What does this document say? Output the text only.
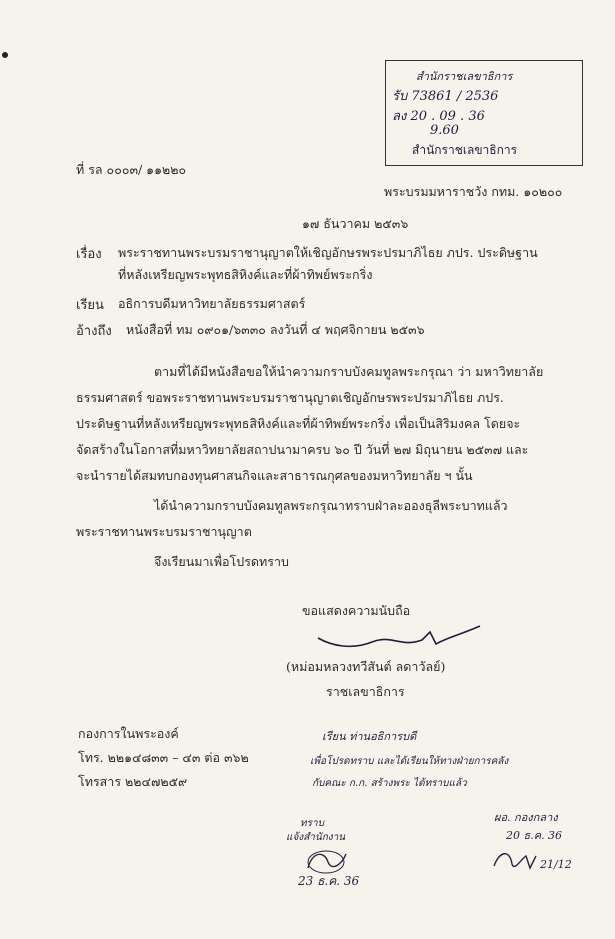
สำนักราชเลขาธิการ
รับ 73861 / 2536
ลง 20 . 09 . 36
9.60
สำนักราชเลขาธิการ
ที่ รล ๐๐๐๓/ ๑๑๒๒๐
พระบรมมหาราชวัง กทม. ๑๐๒๐๐
๑๗ ธันวาคม ๒๕๓๖
เรื่อง พระราชทานพระบรมราชานุญาตให้เชิญอักษรพระปรมาภิไธย ภปร. ประดิษฐาน
ที่หลังเหรียญพระพุทธสิหิงค์และที่ผ้าทิพย์พระกริ่ง
เรียน อธิการบดีมหาวิทยาลัยธรรมศาสตร์
อ้างถึง หนังสือที่ ทม ๐๙๐๑/๖๓๓๐ ลงวันที่ ๔ พฤศจิกายน ๒๕๓๖
ตามที่ได้มีหนังสือขอให้นำความกราบบังคมทูลพระกรุณา ว่า มหาวิทยาลัย
ธรรมศาสตร์ ขอพระราชทานพระบรมราชานุญาตเชิญอักษรพระปรมาภิไธย ภปร.
ประดิษฐานที่หลังเหรียญพระพุทธสิหิงค์และที่ผ้าทิพย์พระกริ่ง เพื่อเป็นสิริมงคล โดยจะ
จัดสร้างในโอกาสที่มหาวิทยาลัยสถาปนามาครบ ๖๐ ปี วันที่ ๒๗ มิถุนายน ๒๕๓๗ และ
จะนำรายได้สมทบกองทุนศาสนกิจและสาธารณกุศลของมหาวิทยาลัย ฯ นั้น
ได้นำความกราบบังคมทูลพระกรุณาทราบฝ่าละอองธุลีพระบาทแล้ว
พระราชทานพระบรมราชานุญาต
จึงเรียนมาเพื่อโปรดทราบ
ขอแสดงความนับถือ
(หม่อมหลวงทวีสันต์ ลดาวัลย์)
ราชเลขาธิการ
กองการในพระองค์
โทร. ๒๒๑๔๘๓๓ – ๔๓ ต่อ ๓๖๒
โทรสาร ๒๒๔๗๒๕๙
เรียน ท่านอธิการบดี
เพื่อโปรดทราบ และได้เรียนให้ทางฝ่ายการคลัง
กับคณะ ก.ก. สร้างพระ ได้ทราบแล้ว
ผอ. กองกลาง
20 ธ.ค. 36
ทราบ
แจ้งสำนักงาน
23 ธ.ค. 36
21/12
